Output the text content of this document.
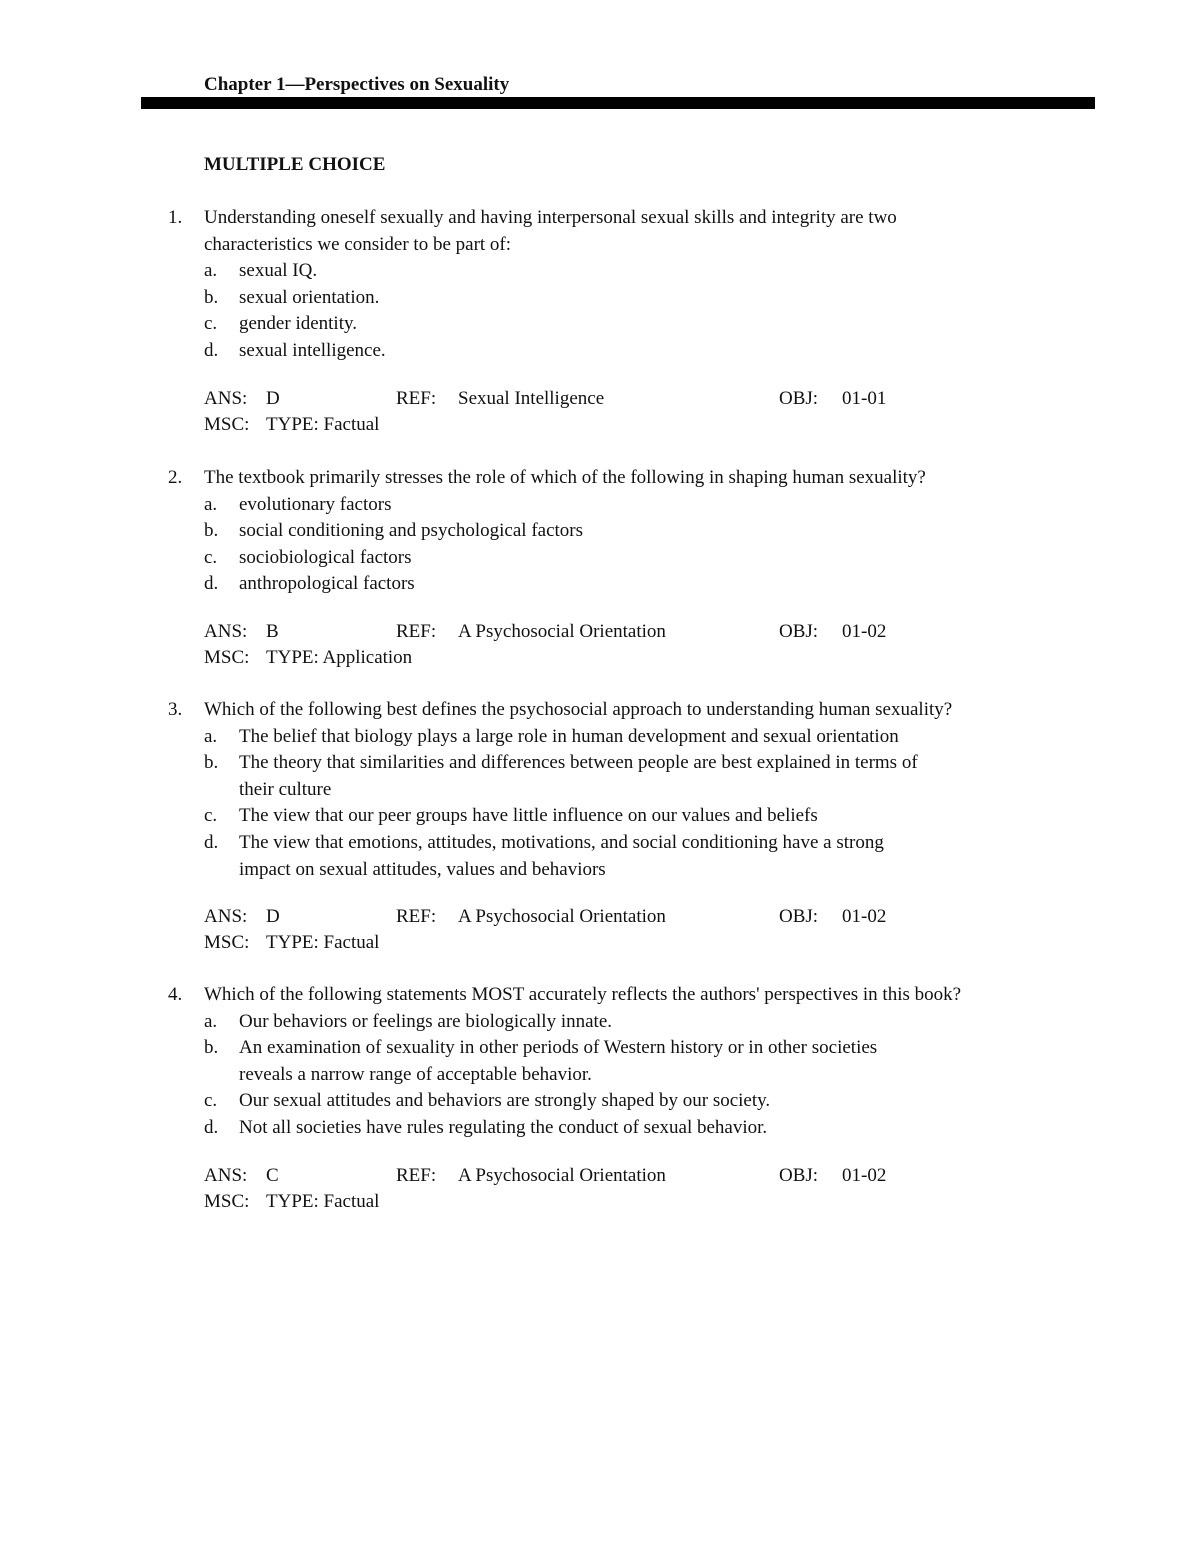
Chapter 1—Perspectives on Sexuality
MULTIPLE CHOICE
1. Understanding oneself sexually and having interpersonal sexual skills and integrity are two
characteristics we consider to be part of:
a. sexual IQ.
b. sexual orientation.
c. gender identity.
d. sexual intelligence.
ANS: D	REF: Sexual Intelligence	OBJ: 01-01
MSC: TYPE: Factual
2. The textbook primarily stresses the role of which of the following in shaping human sexuality?
a. evolutionary factors
b. social conditioning and psychological factors
c. sociobiological factors
d. anthropological factors
ANS: B	REF: A Psychosocial Orientation	OBJ: 01-02
MSC: TYPE: Application
3. Which of the following best defines the psychosocial approach to understanding human sexuality?
a. The belief that biology plays a large role in human development and sexual orientation
b. The theory that similarities and differences between people are best explained in terms of
their culture
c. The view that our peer groups have little influence on our values and beliefs
d. The view that emotions, attitudes, motivations, and social conditioning have a strong
impact on sexual attitudes, values and behaviors
ANS: D	REF: A Psychosocial Orientation	OBJ: 01-02
MSC: TYPE: Factual
4. Which of the following statements MOST accurately reflects the authors' perspectives in this book?
a. Our behaviors or feelings are biologically innate.
b. An examination of sexuality in other periods of Western history or in other societies
reveals a narrow range of acceptable behavior.
c. Our sexual attitudes and behaviors are strongly shaped by our society.
d. Not all societies have rules regulating the conduct of sexual behavior.
ANS: C	REF: A Psychosocial Orientation	OBJ: 01-02
MSC: TYPE: Factual
